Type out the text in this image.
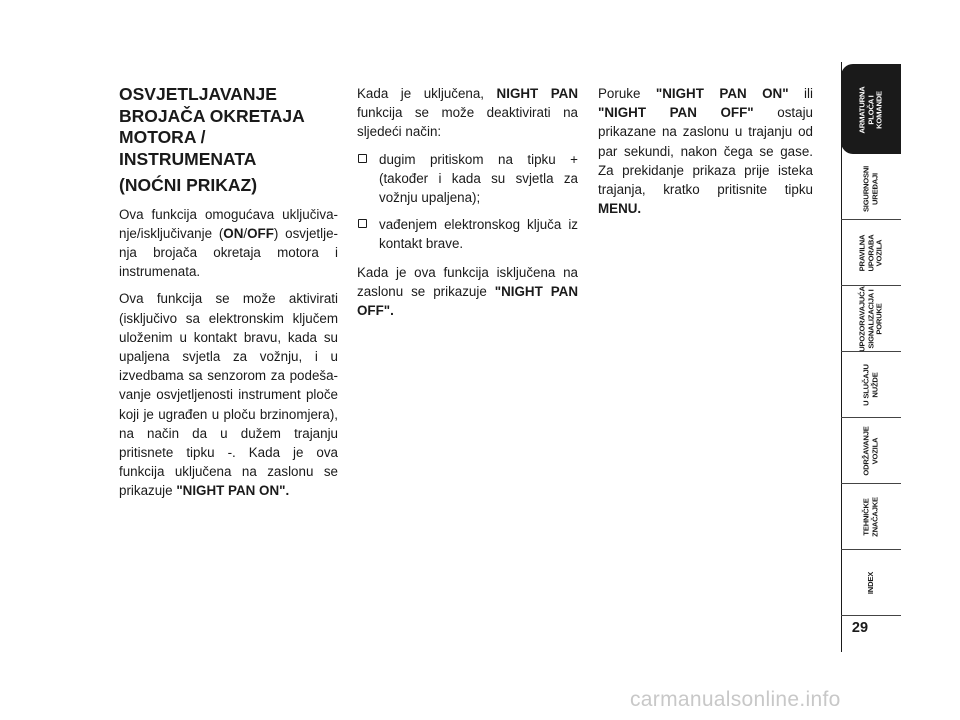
OSVJETLJAVANJE
BROJAČA OKRETAJA
MOTORA /
INSTRUMENATA
(NOĆNI PRIKAZ)

Ova funkcija omogućava uključiva-nje/isključivanje (ON/OFF) osvjetlje-nja brojača okretaja motora i instrumenata.

Ova funkcija se može aktivirati (isključivo sa elektronskim ključem uloženim u kontakt bravu, kada su upaljena svjetla za vožnju, i u izvedbama sa senzorom za podeša-vanje osvjetljenosti instrument ploče koji je ugrađen u ploču brzinomjera), na način da u dužem trajanju pritisnete tipku -. Kada je ova funkcija uključena na zaslonu se prikazuje "NIGHT PAN ON".

Kada je uključena, NIGHT PAN funkcija se može deaktivirati na sljedeći način:

dugim pritiskom na tipku + (također i kada su svjetla za vožnju upaljena);
vađenjem elektronskog ključa iz kontakt brave.

Kada je ova funkcija isključena na zaslonu se prikazuje "NIGHT PAN OFF".

Poruke "NIGHT PAN ON" ili "NIGHT PAN OFF" ostaju prikazane na zaslonu u trajanju od par sekundi, nakon čega se gase. Za prekidanje prikaza prije isteka trajanja, kratko pritisnite tipku MENU.

ARMATURNA
PLOČA I
KOMANDE
SIGURNOSNI
UREĐAJI
PRAVILNA
UPORABA
VOZILA
UPOZORAVAJUĆA
SIGNALIZACIJA I
PORUKE
U SLUČAJU
NUŽDE
ODRŽAVANJE
VOZILA
TEHNIČKE
ZNAČAJKE
INDEX
29
carmanualsonline.info
